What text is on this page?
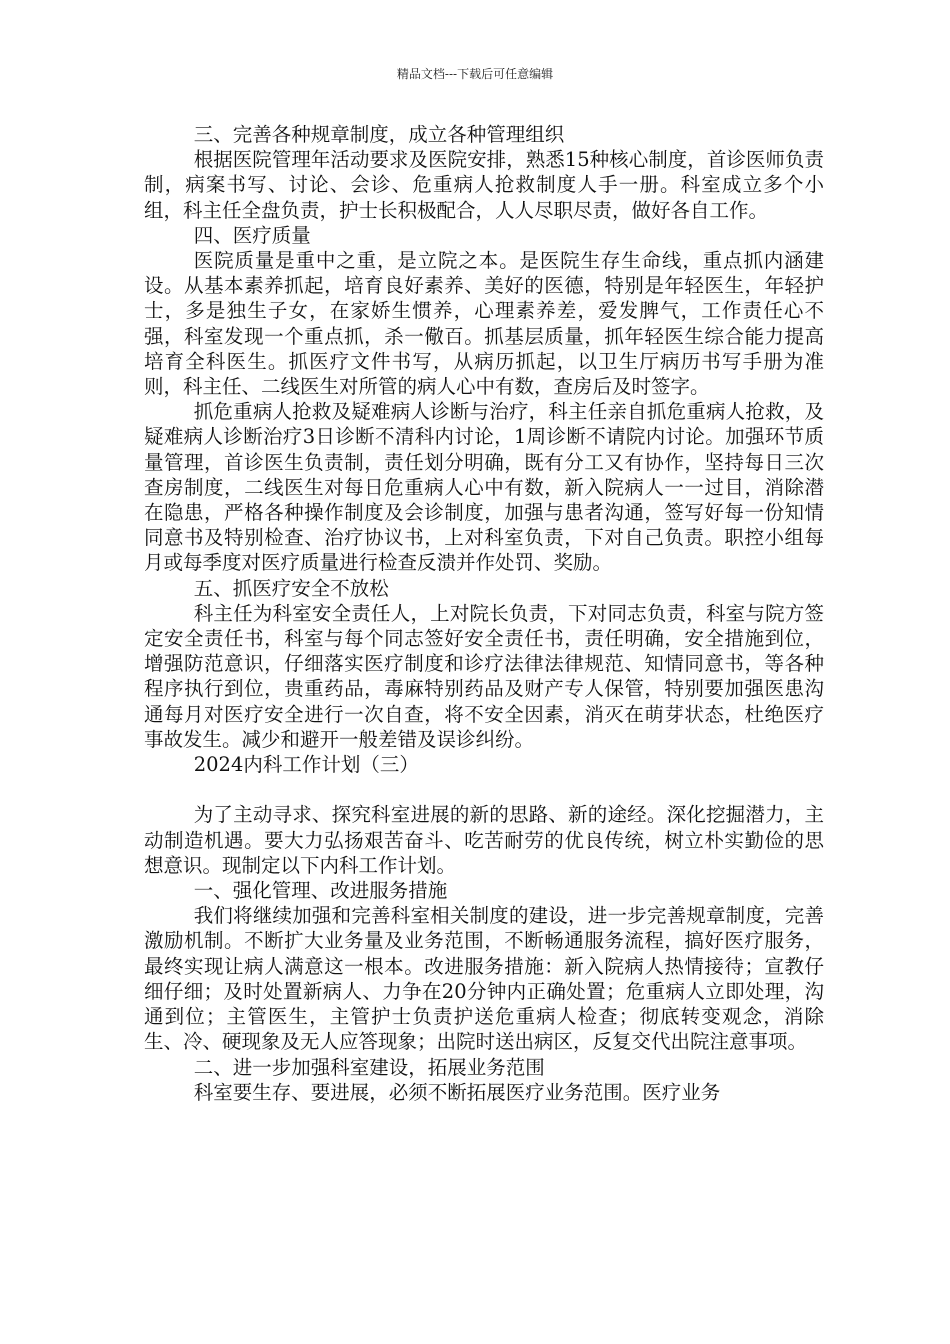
精品文档---下载后可任意编辑

三、完善各种规章制度，成立各种管理组织

根据医院管理年活动要求及医院安排，熟悉15种核心制度，首诊医师负责制，病案书写、讨论、会诊、危重病人抢救制度人手一册。科室成立多个小组，科主任全盘负责，护士长积极配合，人人尽职尽责，做好各自工作。

四、医疗质量

医院质量是重中之重，是立院之本。是医院生存生命线，重点抓内涵建设。从基本素养抓起，培育良好素养、美好的医德，特别是年轻医生，年轻护士，多是独生子女，在家娇生惯养，心理素养差，爱发脾气，工作责任心不强，科室发现一个重点抓，杀一儆百。抓基层质量，抓年轻医生综合能力提高培育全科医生。抓医疗文件书写，从病历抓起，以卫生厅病历书写手册为准则，科主任、二线医生对所管的病人心中有数，查房后及时签字。

抓危重病人抢救及疑难病人诊断与治疗，科主任亲自抓危重病人抢救，及疑难病人诊断治疗3日诊断不清科内讨论，1周诊断不请院内讨论。加强环节质量管理，首诊医生负责制，责任划分明确，既有分工又有协作，坚持每日三次查房制度，二线医生对每日危重病人心中有数，新入院病人一一过目，消除潜在隐患，严格各种操作制度及会诊制度，加强与患者沟通，签写好每一份知情同意书及特别检查、治疗协议书，上对科室负责，下对自己负责。职控小组每月或每季度对医疗质量进行检查反溃并作处罚、奖励。

五、抓医疗安全不放松

科主任为科室安全责任人，上对院长负责，下对同志负责，科室与院方签定安全责任书，科室与每个同志签好安全责任书，责任明确，安全措施到位，增强防范意识，仔细落实医疗制度和诊疗法律法律规范、知情同意书，等各种程序执行到位，贵重药品，毒麻特别药品及财产专人保管，特别要加强医患沟通每月对医疗安全进行一次自查，将不安全因素，消灭在萌芽状态，杜绝医疗事故发生。减少和避开一般差错及误诊纠纷。

2024内科工作计划（三）

为了主动寻求、探究科室进展的新的思路、新的途经。深化挖掘潜力，主动制造机遇。要大力弘扬艰苦奋斗、吃苦耐劳的优良传统，树立朴实勤俭的思想意识。现制定以下内科工作计划。

一、强化管理、改进服务措施

我们将继续加强和完善科室相关制度的建设，进一步完善规章制度，完善激励机制。不断扩大业务量及业务范围，不断畅通服务流程，搞好医疗服务，最终实现让病人满意这一根本。改进服务措施：新入院病人热情接待；宣教仔细仔细；及时处置新病人、力争在20分钟内正确处置；危重病人立即处理，沟通到位；主管医生，主管护士负责护送危重病人检查；彻底转变观念，消除生、冷、硬现象及无人应答现象；出院时送出病区，反复交代出院注意事项。

二、进一步加强科室建设，拓展业务范围

科室要生存、要进展，必须不断拓展医疗业务范围。医疗业务
